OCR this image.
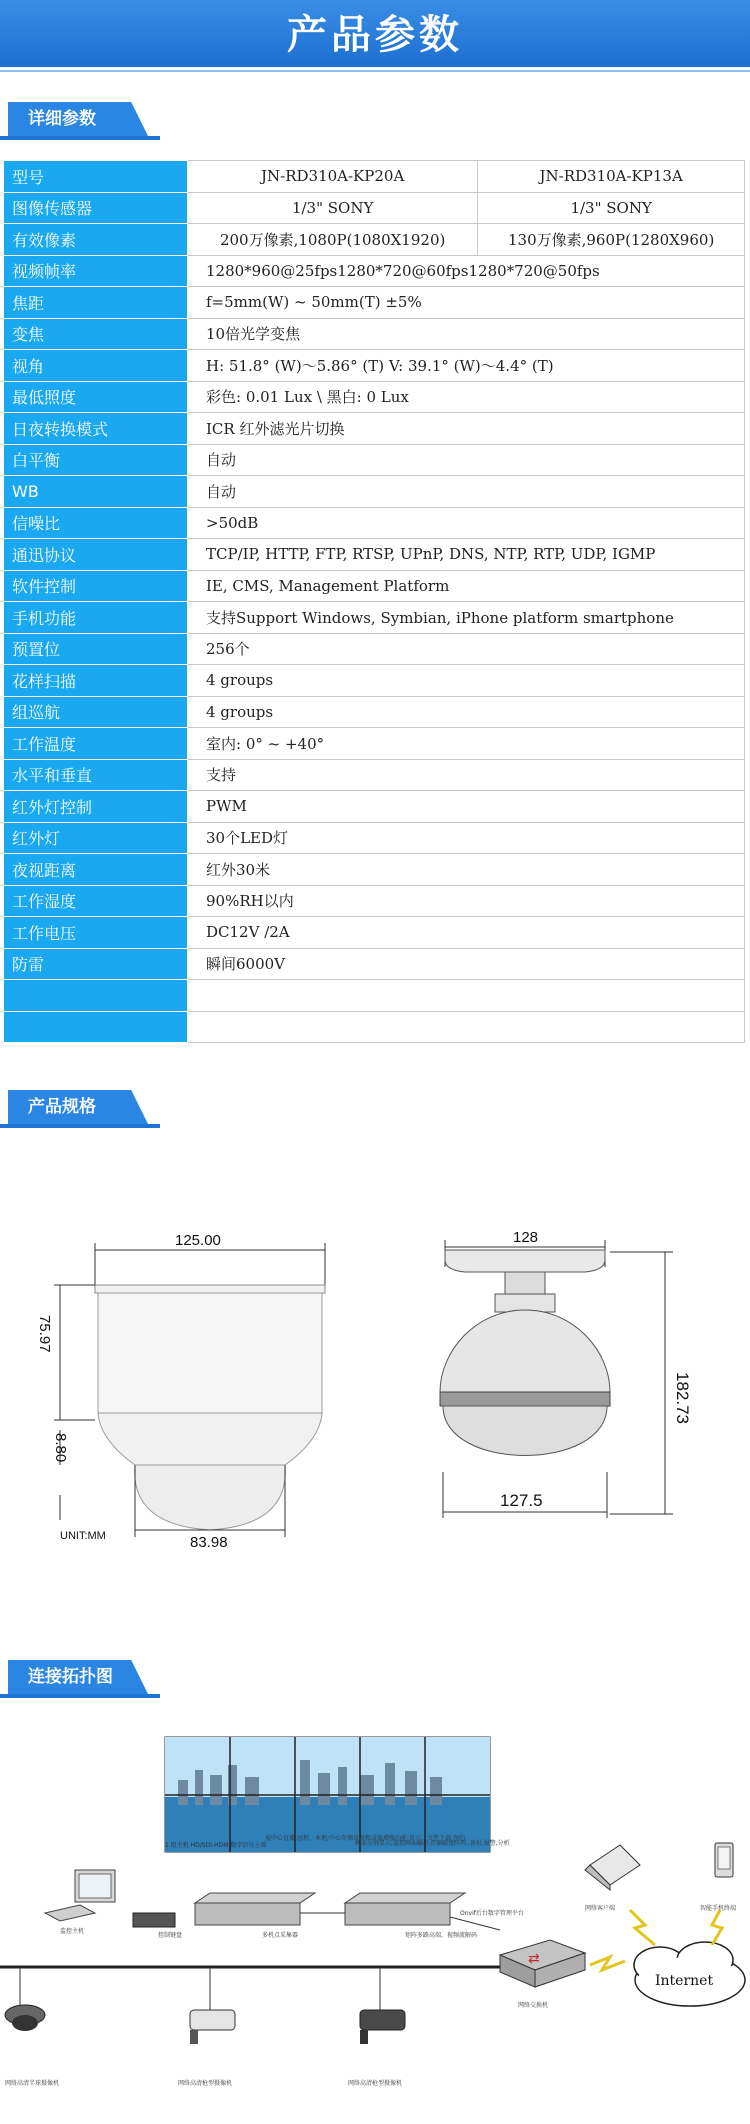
产品参数
详细参数
型号	JN-RD310A-KP20A	JN-RD310A-KP13A
图像传感器	1/3" SONY	1/3" SONY
有效像素	200万像素,1080P(1080X1920)	130万像素,960P(1280X960)
视频帧率	1280*960@25fps1280*720@60fps1280*720@50fps	
焦距	f=5mm(W) ~ 50mm(T) ±5%	
变焦	10倍光学变焦	
视角	H: 51.8° (W)～5.86° (T) V: 39.1° (W)～4.4° (T)	
最低照度	彩色: 0.01 Lux \ 黑白: 0 Lux	
日夜转换模式	ICR 红外滤光片切换	
白平衡	自动	
WB	自动	
信噪比	>50dB	
通迅协议	TCP/IP, HTTP, FTP, RTSP, UPnP, DNS, NTP, RTP, UDP, IGMP	
软件控制	IE, CMS, Management Platform	
手机功能	支持Support Windows, Symbian, iPhone platform smartphone	
预置位	256个	
花样扫描	4 groups	
组巡航	4 groups	
工作温度	室内: 0° ~ +40°	
水平和垂直	支持	
红外灯控制	PWM	
红外灯	30个LED灯	
夜视距离	红外30米	
工作湿度	90%RH以内	
工作电压	DC12V /2A	
防雷	瞬间6000V	

产品规格
125.00
75.97
8.80
83.98
UNIT:MM
128
182.73
127.5
连接拓扑图
1.组主机 HD/SDI-HDMI数字信号上墙
视中心直播:远程、本地;中心存储设备和录像增强功能;显示、文件下载;预约
画面分割显示;监控画面输出 存储磁盘阵列 ,备份,报警,分析
监控主机
控制键盘	多机点采集器	矩阵多路高端、视频流解码
Onvif后台数字管理平台
⇄
网络交换机
Internet
网络客户端	智能手机终端
网络高清半球摄像机	网络高清枪型摄像机	网络高清枪型摄像机
